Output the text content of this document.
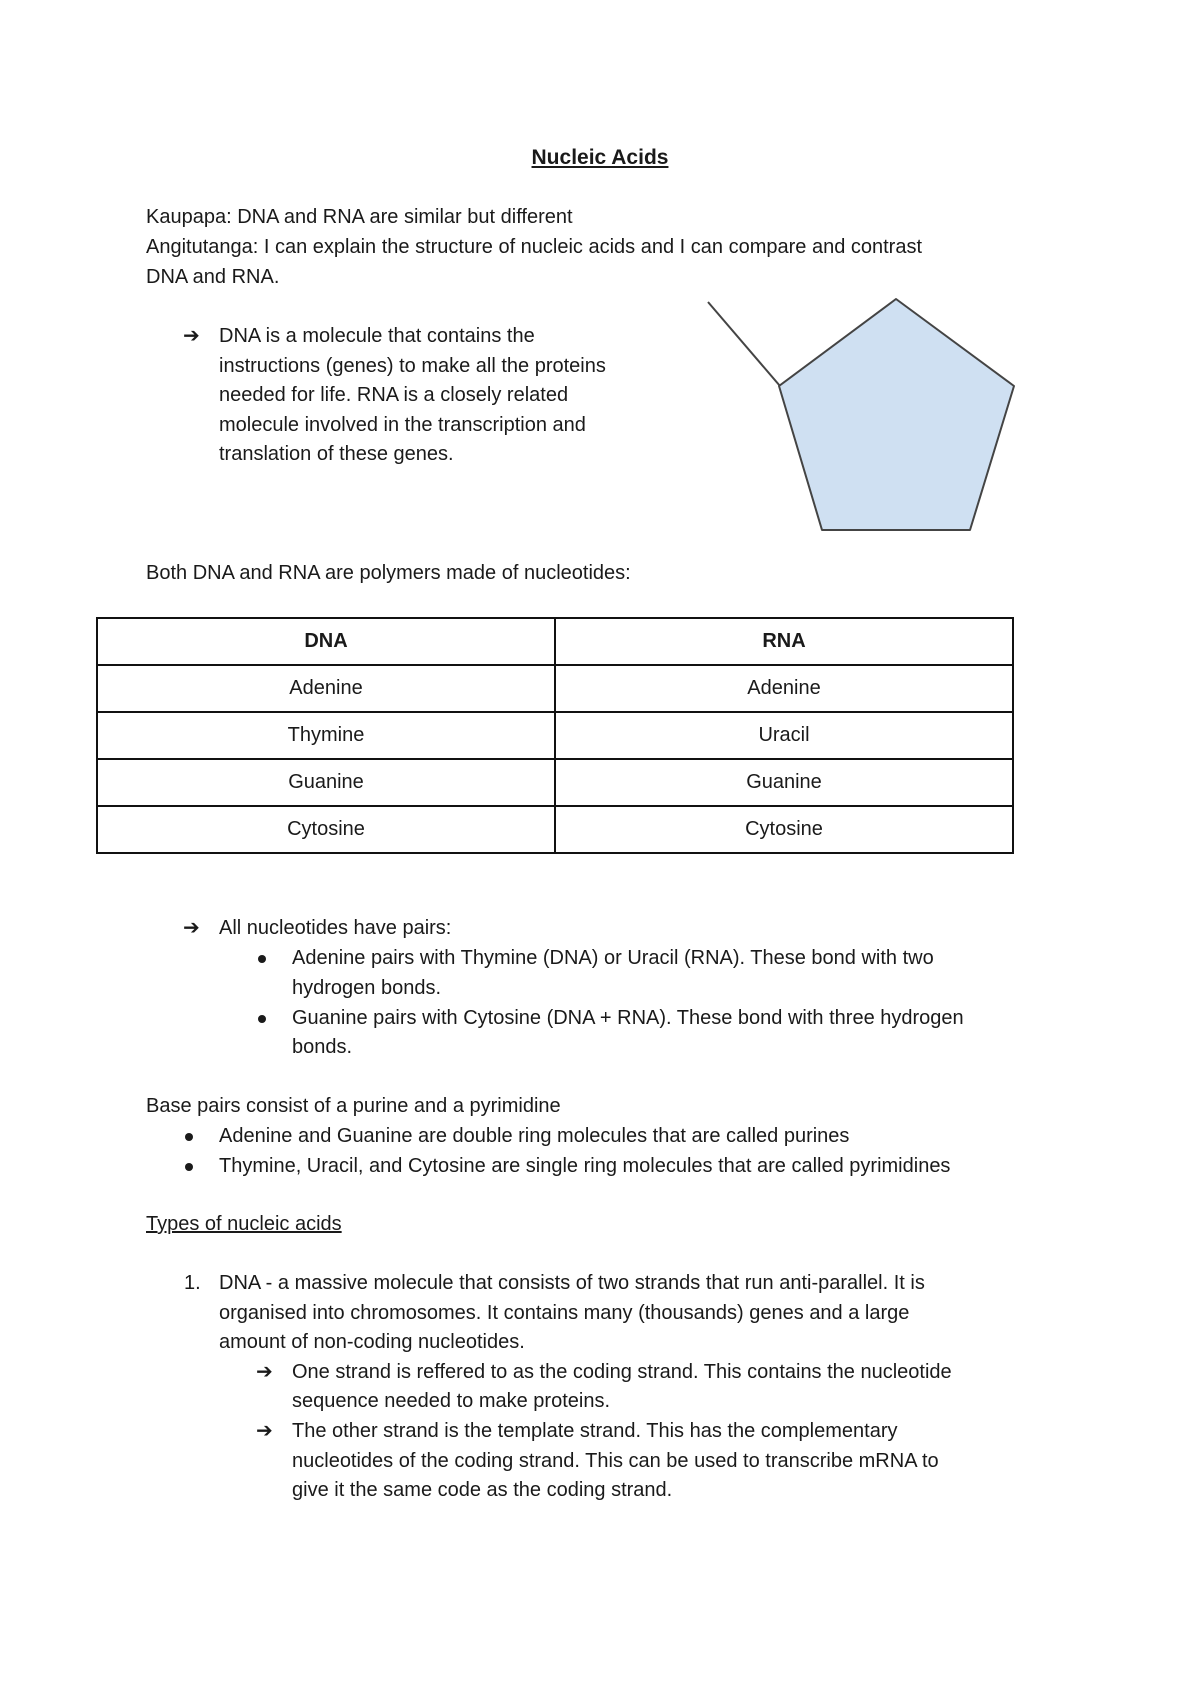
Nucleic Acids
Kaupapa: DNA and RNA are similar but different
Angitutanga: I can explain the structure of nucleic acids and I can compare and contrast
DNA and RNA.
➔ DNA is a molecule that contains the
instructions (genes) to make all the proteins
needed for life. RNA is a closely related
molecule involved in the transcription and
translation of these genes.
Both DNA and RNA are polymers made of nucleotides:
DNA	RNA
Adenine	Adenine
Thymine	Uracil
Guanine	Guanine
Cytosine	Cytosine
➔ All nucleotides have pairs:
Adenine pairs with Thymine (DNA) or Uracil (RNA). These bond with two
hydrogen bonds.
Guanine pairs with Cytosine (DNA + RNA). These bond with three hydrogen
bonds.
Base pairs consist of a purine and a pyrimidine
Adenine and Guanine are double ring molecules that are called purines
Thymine, Uracil, and Cytosine are single ring molecules that are called pyrimidines
Types of nucleic acids
1. DNA - a massive molecule that consists of two strands that run anti-parallel. It is
organised into chromosomes. It contains many (thousands) genes and a large
amount of non-coding nucleotides.
➔ One strand is reffered to as the coding strand. This contains the nucleotide
sequence needed to make proteins.
➔ The other strand is the template strand. This has the complementary
nucleotides of the coding strand. This can be used to transcribe mRNA to
give it the same code as the coding strand.
